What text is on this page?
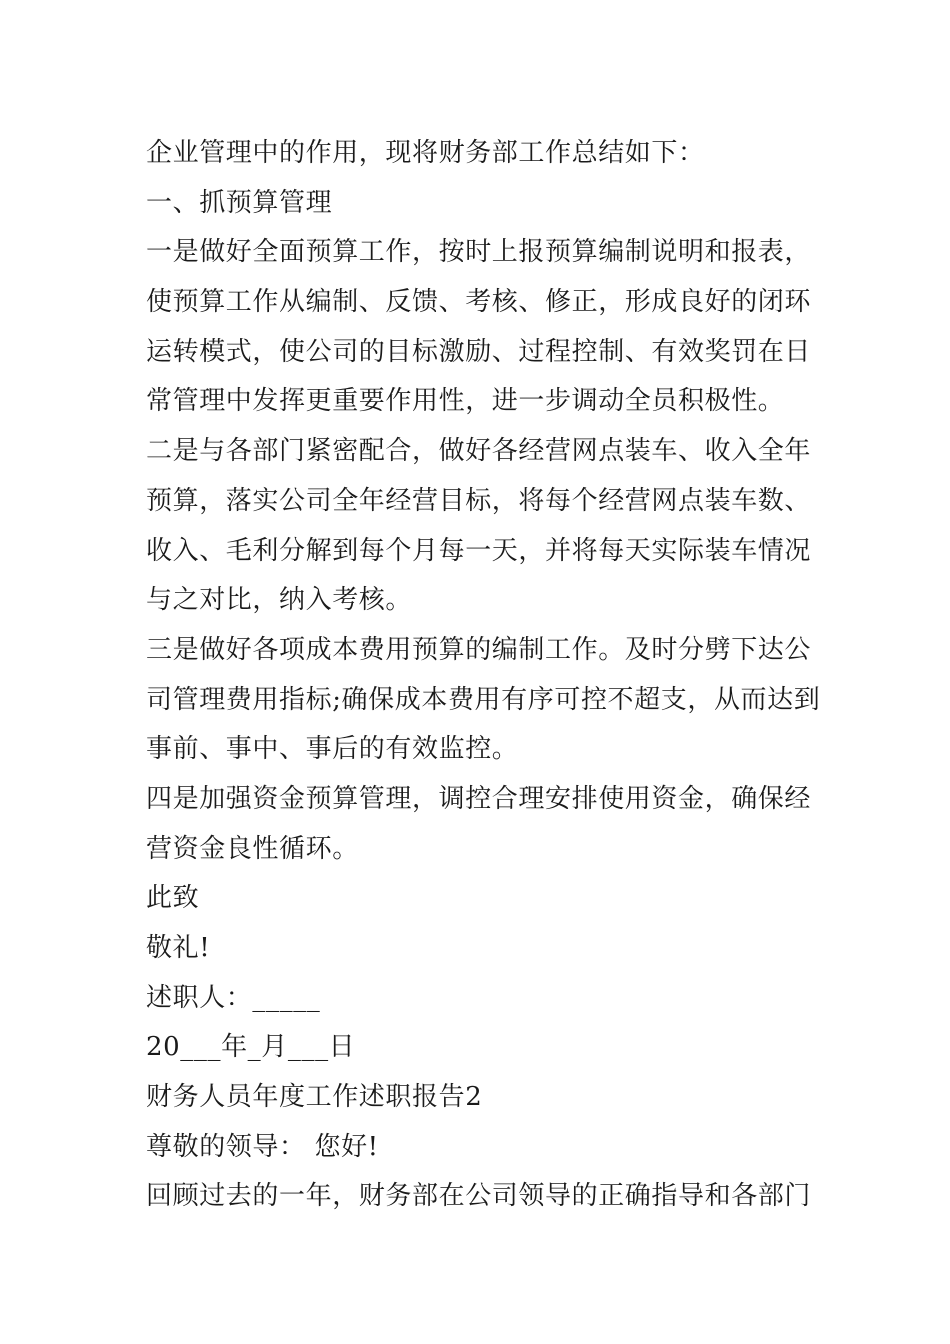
企业管理中的作用，现将财务部工作总结如下：
一、抓预算管理
一是做好全面预算工作，按时上报预算编制说明和报表，
使预算工作从编制、反馈、考核、修正，形成良好的闭环
运转模式，使公司的目标激励、过程控制、有效奖罚在日
常管理中发挥更重要作用性，进一步调动全员积极性。
二是与各部门紧密配合，做好各经营网点装车、收入全年
预算，落实公司全年经营目标，将每个经营网点装车数、
收入、毛利分解到每个月每一天，并将每天实际装车情况
与之对比，纳入考核。
三是做好各项成本费用预算的编制工作。及时分劈下达公
司管理费用指标;确保成本费用有序可控不超支，从而达到
事前、事中、事后的有效监控。
四是加强资金预算管理，调控合理安排使用资金，确保经
营资金良性循环。
此致
敬礼!
述职人：_____
20___年_月___日
财务人员年度工作述职报告2
尊敬的领导： 您好!
回顾过去的一年，财务部在公司领导的正确指导和各部门
